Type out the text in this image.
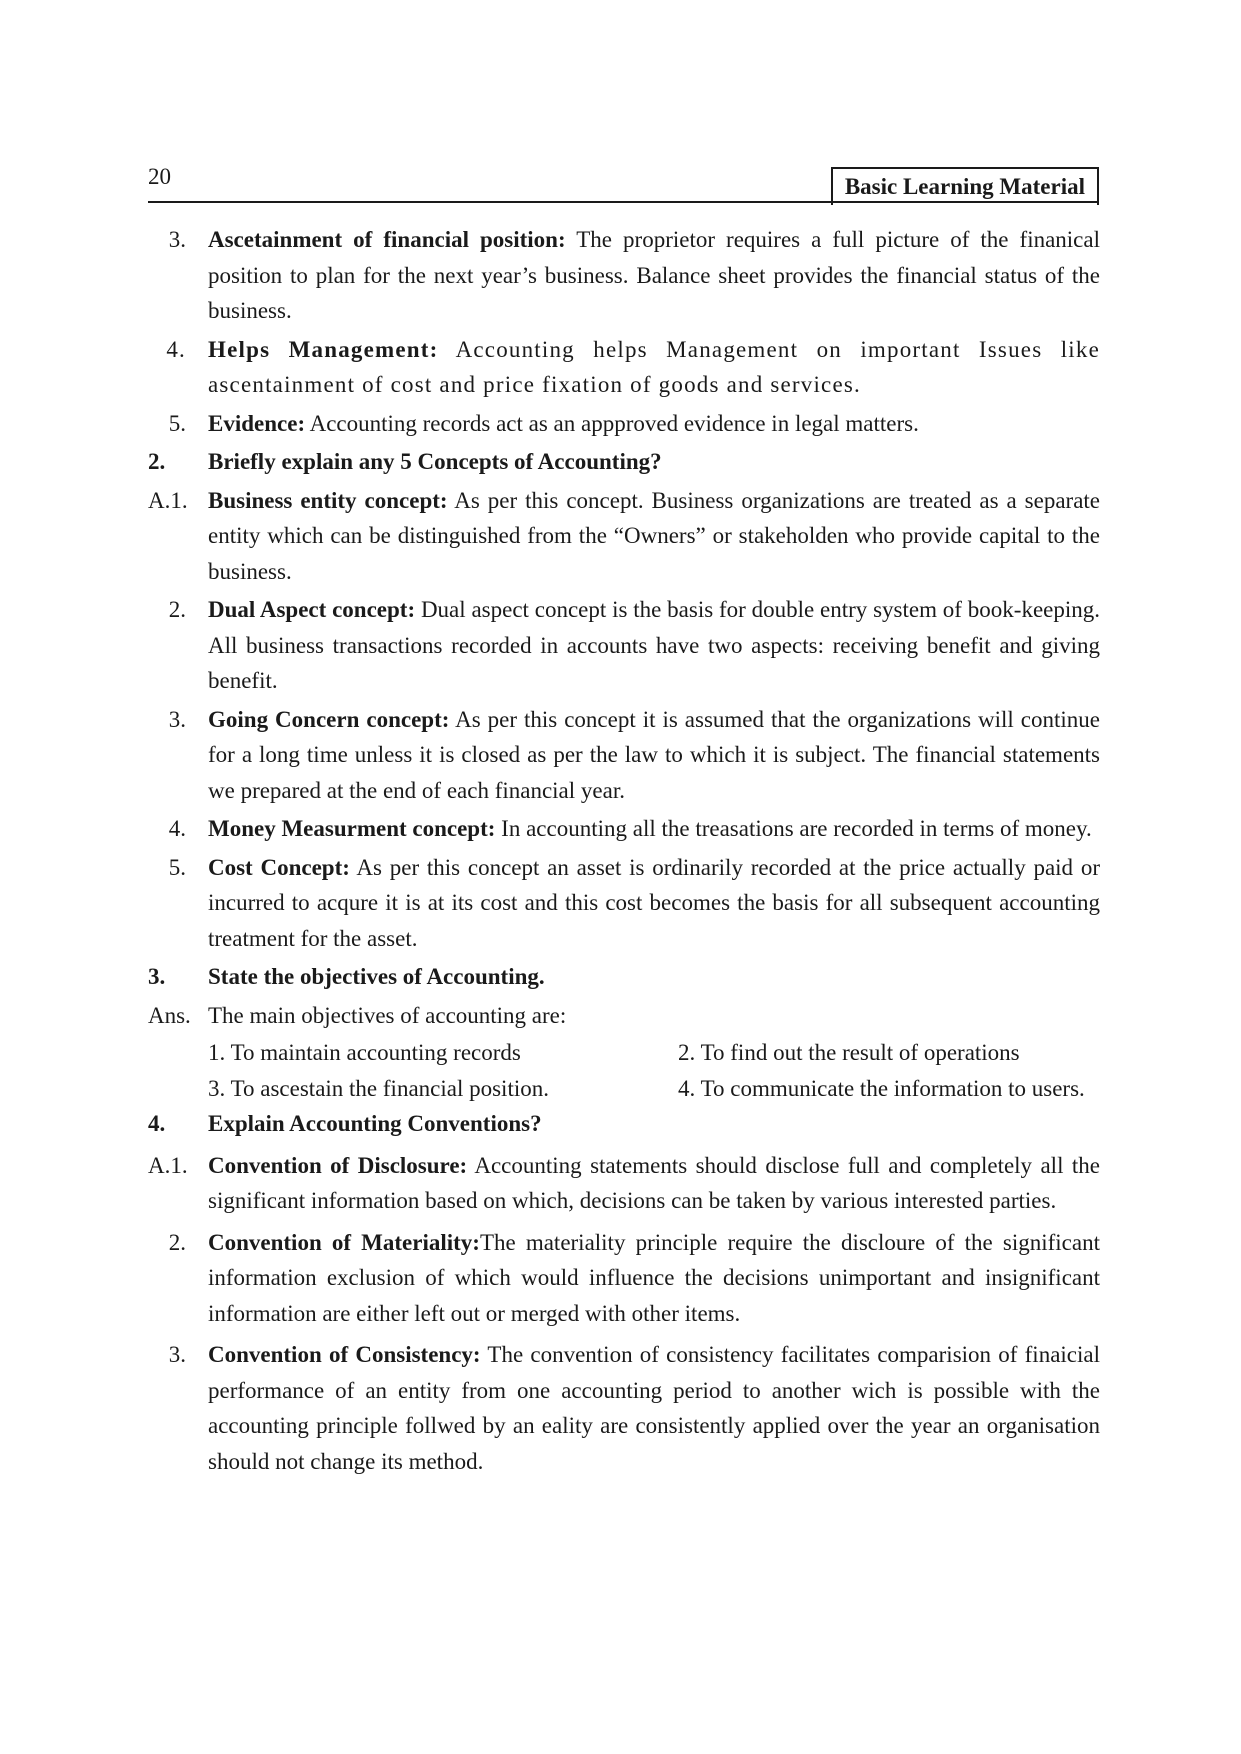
20	Basic Learning Material
3. Ascetainment of financial position: The proprietor requires a full picture of the finanical position to plan for the next year’s business. Balance sheet provides the financial status of the business.
4. Helps Management: Accounting helps Management on important Issues like ascentainment of cost and price fixation of goods and services.
5. Evidence: Accounting records act as an appproved evidence in legal matters.
2.	Briefly explain any 5 Concepts of Accounting?
A.1. Business entity concept: As per this concept. Business organizations are treated as a separate entity which can be distinguished from the “Owners” or stakeholden who provide capital to the business.
2. Dual Aspect concept: Dual aspect concept is the basis for double entry system of book-keeping. All business transactions recorded in accounts have two aspects: receiving benefit and giving benefit.
3. Going Concern concept: As per this concept it is assumed that the organizations will continue for a long time unless it is closed as per the law to which it is subject. The financial statements we prepared at the end of each financial year.
4. Money Measurment concept: In accounting all the treasations are recorded in terms of money.
5. Cost Concept: As per this concept an asset is ordinarily recorded at the price actually paid or incurred to acqure it is at its cost and this cost becomes the basis for all subsequent accounting treatment for the asset.
3.	State the objectives of Accounting.
Ans. The main objectives of accounting are:
1. To maintain accounting records	2. To find out the result of operations
3. To ascestain the financial position.	4. To communicate the information to users.
4.	Explain Accounting Conventions?
A.1. Convention of Disclosure: Accounting statements should disclose full and completely all the significant information based on which, decisions can be taken by various interested parties.
2. Convention of Materiality:The materiality principle require the discloure of the significant information exclusion of which would influence the decisions unimportant and insignificant information are either left out or merged with other items.
3. Convention of Consistency: The convention of consistency facilitates comparision of finaicial performance of an entity from one accounting period to another wich is possible with the accounting principle follwed by an eality are consistently applied over the year an organisation should not change its method.
